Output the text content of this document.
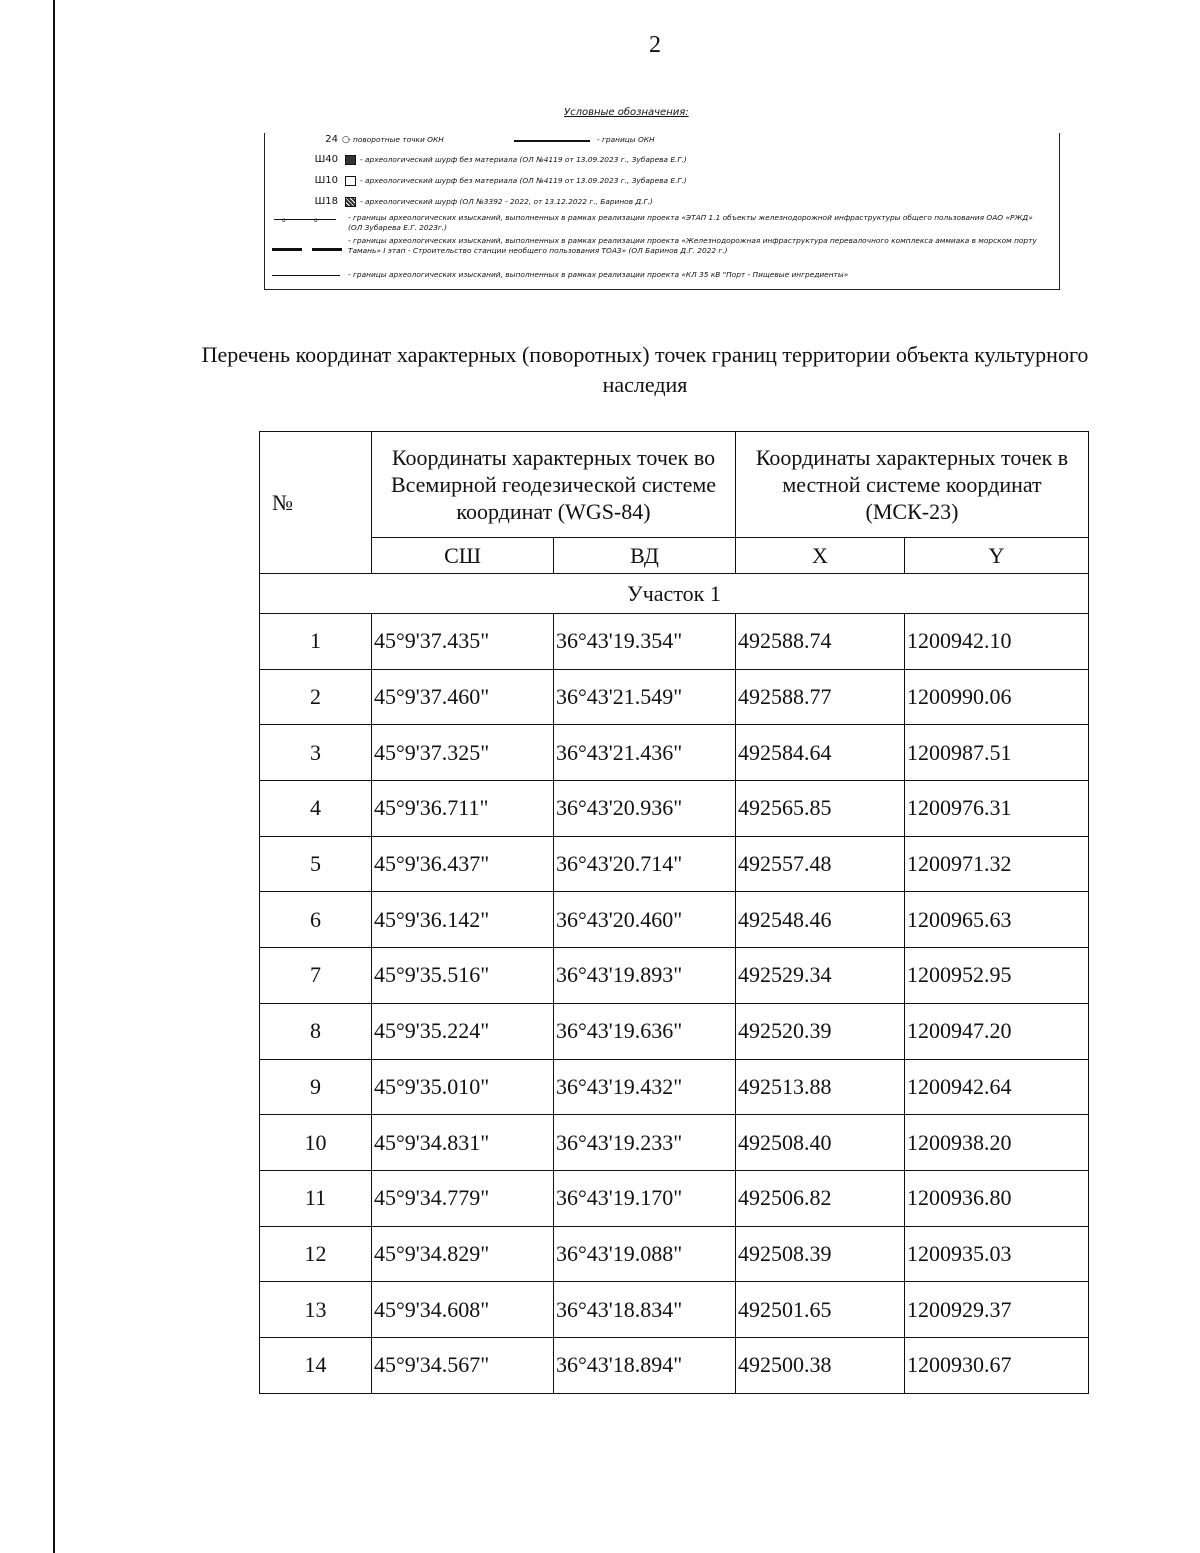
2
Условные обозначения:
24 ○
- поворотные точки ОКН	- границы ОКН
Ш40	- археологический шурф без материала (ОЛ №4119 от 13.09.2023 г., Зубарева Е.Г.)
Ш10	- археологический шурф без материала (ОЛ №4119 от 13.09.2023 г., Зубарева Е.Г.)
Ш18	- археологический шурф (ОЛ №3392 - 2022, от 13.12.2022 г., Баринов Д.Г.)
o	o	- границы археологических изысканий, выполненных в рамках реализации проекта «ЭТАП 1.1 объекты железнодорожной инфраструктуры общего пользования ОАО «РЖД» (ОЛ Зубарева Е.Г. 2023г.)
- границы археологических изысканий, выполненных в рамках реализации проекта «Железнодорожная инфраструктура перевалочного комплекса аммиака в морском порту Тамань» I этап - Строительство станции необщего пользования ТОАЗ» (ОЛ Баринов Д.Г. 2022 г.)
- границы археологических изысканий, выполненных в рамках реализации проекта «КЛ 35 кВ "Порт - Пищевые ингредиенты»
Перечень координат характерных (поворотных) точек границ территории объекта культурного наследия
№	Координаты характерных точек во Всемирной геодезической системе координат (WGS-84)		Координаты характерных точек в местной системе координат (МСК-23)	
	СШ	ВД	X	Y
Участок 1				
1	45°9'37.435"	36°43'19.354"	492588.74	1200942.10
2	45°9'37.460"	36°43'21.549"	492588.77	1200990.06
3	45°9'37.325"	36°43'21.436"	492584.64	1200987.51
4	45°9'36.711"	36°43'20.936"	492565.85	1200976.31
5	45°9'36.437"	36°43'20.714"	492557.48	1200971.32
6	45°9'36.142"	36°43'20.460"	492548.46	1200965.63
7	45°9'35.516"	36°43'19.893"	492529.34	1200952.95
8	45°9'35.224"	36°43'19.636"	492520.39	1200947.20
9	45°9'35.010"	36°43'19.432"	492513.88	1200942.64
10	45°9'34.831"	36°43'19.233"	492508.40	1200938.20
11	45°9'34.779"	36°43'19.170"	492506.82	1200936.80
12	45°9'34.829"	36°43'19.088"	492508.39	1200935.03
13	45°9'34.608"	36°43'18.834"	492501.65	1200929.37
14	45°9'34.567"	36°43'18.894"	492500.38	1200930.67
